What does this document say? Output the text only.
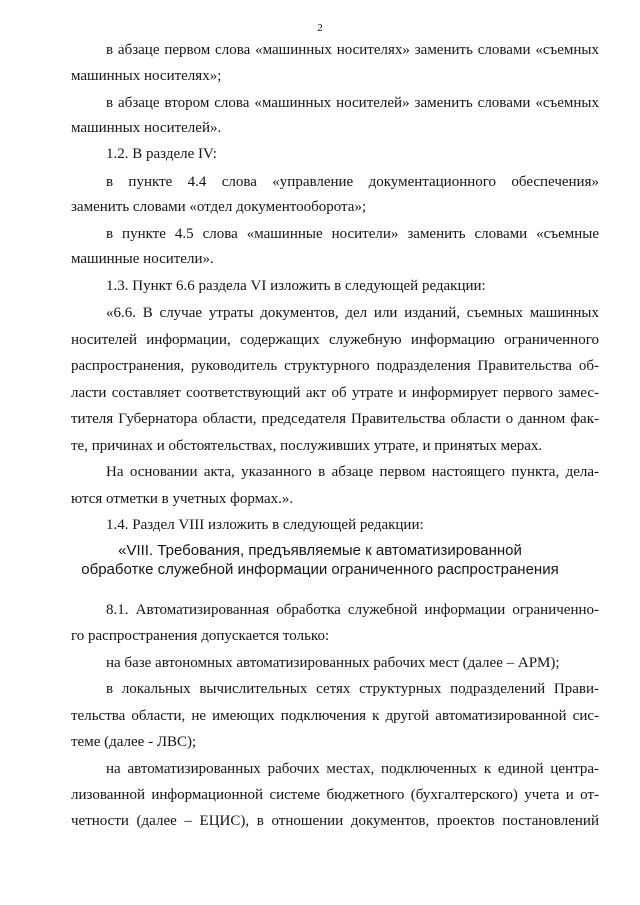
2
в абзаце первом слова «машинных носителях» заменить словами «съемных
машинных носителях»;
в абзаце втором слова «машинных носителей» заменить словами «съемных
машинных носителей».
1.2. В разделе IV:
в пункте 4.4 слова «управление документационного обеспечения»
заменить словами «отдел документооборота»;
в пункте 4.5 слова «машинные носители» заменить словами «съемные
машинные носители».
1.3. Пункт 6.6 раздела VI изложить в следующей редакции:
«6.6. В случае утраты документов, дел или изданий, съемных машинных
носителей информации, содержащих служебную информацию ограниченного
распространения, руководитель структурного подразделения Правительства об-
ласти составляет соответствующий акт об утрате и информирует первого замес-
тителя Губернатора области, председателя Правительства области о данном фак-
те, причинах и обстоятельствах, послуживших утрате, и принятых мерах.
На основании акта, указанного в абзаце первом настоящего пункта, делa-
ются отметки в учетных формах.».
1.4. Раздел VIII изложить в следующей редакции:
«VIII. Требования, предъявляемые к автоматизированной
обработке служебной информации ограниченного распространения
8.1. Автоматизированная обработка служебной информации ограниченно-
го распространения допускается только:
на базе автономных автоматизированных рабочих мест (далее – АРМ);
в локальных вычислительных сетях структурных подразделений Прави-
тельства области, не имеющих подключения к другой автоматизированной сис-
теме (далее - ЛВС);
на автоматизированных рабочих местах, подключенных к единой центра-
лизованной информационной системе бюджетного (бухгалтерского) учета и от-
четности (далее – ЕЦИС), в отношении документов, проектов постановлений
